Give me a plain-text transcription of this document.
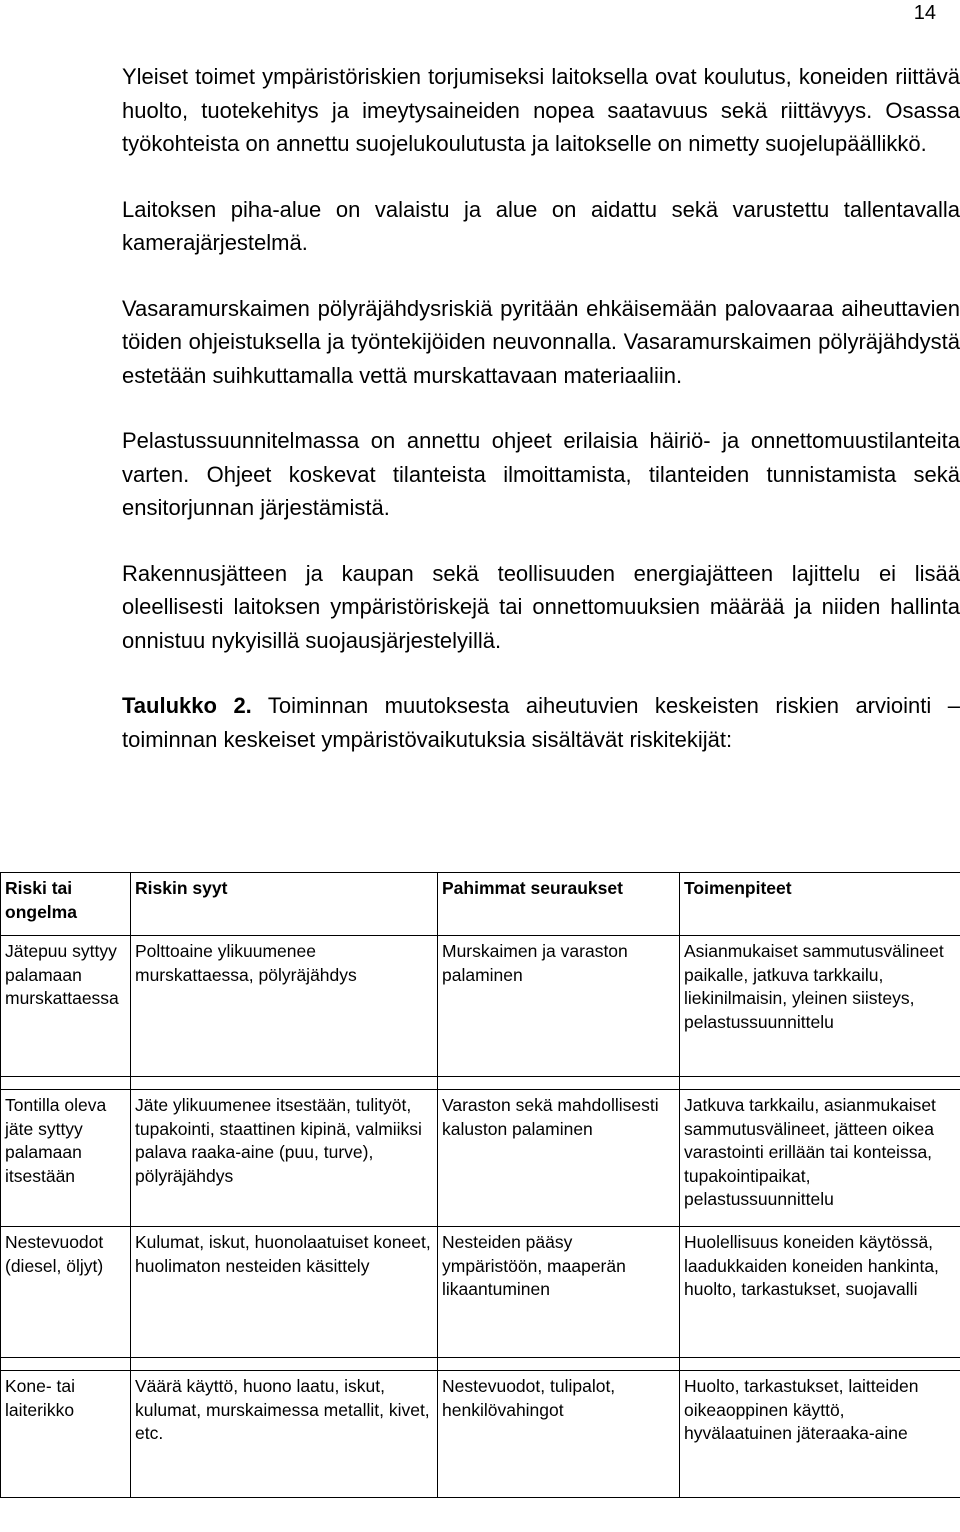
14

Yleiset toimet ympäristöriskien torjumiseksi laitoksella ovat koulutus, koneiden riittävä huolto, tuotekehitys ja imeytysaineiden nopea saatavuus sekä riittävyys. Osassa työkohteista on annettu suojelukoulutusta ja laitokselle on nimetty suojelupäällikkö.

Laitoksen piha-alue on valaistu ja alue on aidattu sekä varustettu tallentavalla kamerajärjestelmä.

Vasaramurskaimen pölyräjähdysriskiä pyritään ehkäisemään palovaaraa aiheuttavien töiden ohjeistuksella ja työntekijöiden neuvonnalla. Vasaramurskaimen pölyräjähdystä estetään suihkuttamalla vettä murskattavaan materiaaliin.

Pelastussuunnitelmassa on annettu ohjeet erilaisia häiriö- ja onnettomuustilanteita varten. Ohjeet koskevat tilanteista ilmoittamista, tilanteiden tunnistamista sekä ensitorjunnan järjestämistä.

Rakennusjätteen ja kaupan sekä teollisuuden energiajätteen lajittelu ei lisää oleellisesti laitoksen ympäristöriskejä tai onnettomuuksien määrää ja niiden hallinta onnistuu nykyisillä suojausjärjestelyillä.

Taulukko 2. Toiminnan muutoksesta aiheutuvien keskeisten riskien arviointi – toiminnan keskeiset ympäristövaikutuksia sisältävät riskitekijät:

Riski tai ongelma	Riskin syyt	Pahimmat seuraukset	Toimenpiteet
Jätepuu syttyy palamaan murskattaessa	Polttoaine ylikuumenee murskattaessa, pölyräjähdys	Murskaimen ja varaston palaminen	Asianmukaiset sammutusvälineet paikalle, jatkuva tarkkailu, liekinilmaisin, yleinen siisteys, pelastussuunnittelu

Tontilla oleva jäte syttyy palamaan itsestään	Jäte ylikuumenee itsestään, tulityöt, tupakointi, staattinen kipinä, valmiiksi palava raaka-aine (puu, turve), pölyräjähdys	Varaston sekä mahdollisesti kaluston palaminen	Jatkuva tarkkailu, asianmukaiset sammutusvälineet, jätteen oikea varastointi erillään tai konteissa, tupakointipaikat, pelastussuunnittelu
Nestevuodot (diesel, öljyt)	Kulumat, iskut, huonolaatuiset koneet, huolimaton nesteiden käsittely	Nesteiden pääsy ympäristöön, maaperän likaantuminen	Huolellisuus koneiden käytössä, laadukkaiden koneiden hankinta, huolto, tarkastukset, suojavalli

Kone- tai laiterikko	Väärä käyttö, huono laatu, iskut, kulumat, murskaimessa metallit, kivet, etc.	Nestevuodot, tulipalot, henkilövahingot	Huolto, tarkastukset, laitteiden oikeaoppinen käyttö, hyvälaatuinen jäteraaka-aine
